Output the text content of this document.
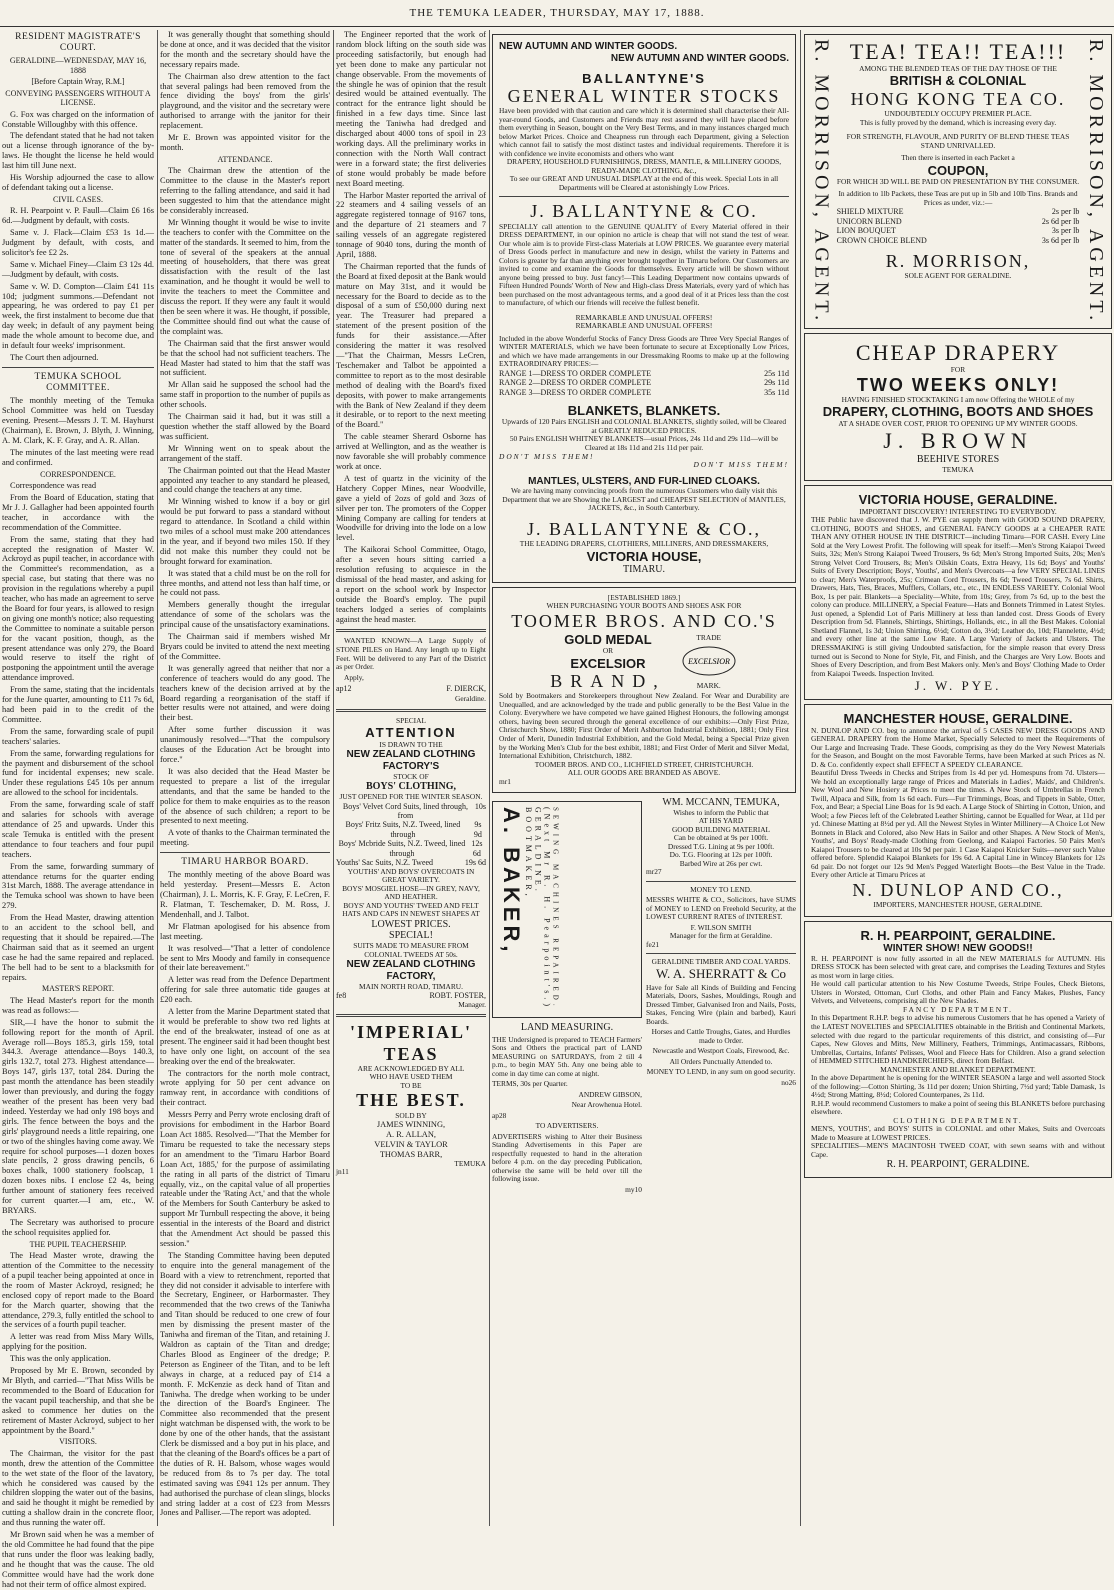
THE TEMUKA LEADER, THURSDAY, MAY 17, 1888.
RESIDENT MAGISTRATE'S COURT.
GERALDINE—WEDNESDAY, MAY 16, 1888
[Before Captain Wray, R.M.]
CONVEYING PASSENGERS WITHOUT A LICENSE.

G. Fox was charged on the information of Constable Willoughby with this offence.

The defendant stated that he had not taken out a license through ignorance of the by-laws. He thought the license he held would last him till June next.

His Worship adjourned the case to allow of defendant taking out a license.

CIVIL CASES.

R. H. Pearpoint v. P. Faull—Claim £6 16s 6d.—Judgment by default, with costs.

Same v. J. Flack—Claim £53 1s 1d.—Judgment by default, with costs, and solicitor's fee £2 2s.

Same v. Michael Finey—Claim £3 12s 4d.—Judgment by default, with costs.

Same v. W. D. Compton—Claim £41 11s 10d; judgment summons.—Defendant not appearing, he was ordered to pay £1 per week, the first instalment to become due that day week; in default of any payment being made the whole amount to become due, and in default four weeks' imprisonment.

The Court then adjourned.

TEMUKA SCHOOL COMMITTEE.

The monthly meeting of the Temuka School Committee was held on Tuesday evening. Present—Messrs J. T. M. Hayhurst (Chairman), E. Brown, J. Blyth, J. Winning, A. M. Clark, K. F. Gray, and A. R. Allan.

The minutes of the last meeting were read and confirmed.

CORRESPONDENCE.

Correspondence was read

From the Board of Education, stating that Mr J. J. Gallagher had been appointed fourth teacher, in accordance with the recommendation of the Committee.

From the same, stating that they had accepted the resignation of Master W. Ackroyd as pupil teacher, in accordance with the Committee's recommendation, as a special case, but stating that there was no provision in the regulations whereby a pupil teacher, who has made an agreement to serve the Board for four years, is allowed to resign on giving one month's notice; also requesting the Committee to nominate a suitable person for the vacant position, though, as the present attendance was only 279, the Board would reserve to itself the right of postponing the appointment until the average attendance improved.

From the same, stating that the incidentals for the June quarter, amounting to £11 7s 6d, had been paid in to the credit of the Committee.

From the same, forwarding scale of pupil teachers' salaries.

From the same, forwarding regulations for the payment and disbursement of the school fund for incidental expenses; new scale. Under these regulations £45 10s per annum are allowed to the school for incidentals.

From the same, forwarding scale of staff and salaries for schools with average attendance of 25 and upwards. Under this scale Temuka is entitled with the present attendance to four teachers and four pupil teachers.

From the same, forwarding summary of attendance returns for the quarter ending 31st March, 1888. The average attendance in the Temuka school was shown to have been 279.

From the Head Master, drawing attention to an accident to the school bell, and requesting that it should be repaired.—The Chairman said that as it seemed an urgent case he had the same repaired and replaced. The bell had to be sent to a blacksmith for repairs.

MASTER'S REPORT.

The Head Master's report for the month was read as follows:—

SIR,—I have the honor to submit the following report for the month of April. Average roll—Boys 185.3, girls 159, total 344.3. Average attendance—Boys 140.3, girls 132.7, total 273. Highest attendance—Boys 147, girls 137, total 284. During the past month the attendance has been steadily lower than previously, and during the foggy weather of the present has been very bad indeed. Yesterday we had only 198 boys and girls. The fence between the boys and the girls' playground needs a little repairing, one or two of the shingles having come away. We require for school purposes—1 dozen boxes slate pencils, 2 gross drawing pencils, 6 boxes chalk, 1000 stationery foolscap, 1 dozen boxes nibs. I enclose £2 4s, being further amount of stationery fees received for current quarter.—I am, etc., W. BRYARS.

The Secretary was authorised to procure the school requisites applied for.

THE PUPIL TEACHERSHIP.

The Head Master wrote, drawing the attention of the Committee to the necessity of a pupil teacher being appointed at once in the room of Master Ackroyd, resigned; he enclosed copy of report made to the Board for the March quarter, showing that the attendance, 279.3, fully entitled the school to the services of a fourth pupil teacher.

A letter was read from Miss Mary Wills, applying for the position.

This was the only application.

Proposed by Mr E. Brown, seconded by Mr Blyth, and carried—"That Miss Wills be recommended to the Board of Education for the vacant pupil teachership, and that she be asked to commence her duties on the retirement of Master Ackroyd, subject to her appointment by the Board."

VISITORS.

The Chairman, the visitor for the past month, drew the attention of the Committee to the wet state of the floor of the lavatory, which he considered was caused by the children slopping the water out of the basins, and said he thought it might be remedied by cutting a shallow drain in the concrete floor, and thus running the water off.

Mr Brown said when he was a member of the old Committee he had found that the pipe that runs under the floor was leaking badly, and he thought that was the cause. The old Committee would have had the work done had not their term of office almost expired.

It was generally thought that something should be done at once, and it was decided that the visitor for the month and the secretary should have the necessary repairs made.

The Chairman also drew attention to the fact that several palings had been removed from the fence dividing the boys' from the girls' playground, and the visitor and the secretary were authorised to arrange with the janitor for their replacement.

Mr E. Brown was appointed visitor for the month.

ATTENDANCE.

The Chairman drew the attention of the Committee to the clause in the Master's report referring to the falling attendance, and said it had been suggested to him that the attendance might be considerably increased.

Mr Winning thought it would be wise to invite the teachers to confer with the Committee on the matter of the standards. It seemed to him, from the tone of several of the speakers at the annual meeting of householders, that there was great dissatisfaction with the result of the last examination, and he thought it would be well to invite the teachers to meet the Committee and discuss the report. If they were any fault it would then be seen where it was. He thought, if possible, the Committee should find out what the cause of the complaint was.

The Chairman said that the first answer would be that the school had not sufficient teachers. The Head Master had stated to him that the staff was not sufficient.

Mr Allan said he supposed the school had the same staff in proportion to the number of pupils as other schools.

The Chairman said it had, but it was still a question whether the staff allowed by the Board was sufficient.

Mr Winning went on to speak about the arrangement of the staff.

The Chairman pointed out that the Head Master appointed any teacher to any standard he pleased, and could change the teachers at any time.

Mr Winning wished to know if a boy or girl would be put forward to pass a standard without regard to attendance. In Scotland a child within two miles of a school must make 200 attendances in the year, and if beyond two miles 150. If they did not make this number they could not be brought forward for examination.

It was stated that a child must be on the roll for three months, and attend not less than half time, or he could not pass.

Members generally thought the irregular attendance of some of the scholars was the principal cause of the unsatisfactory examinations.

The Chairman said if members wished Mr Bryars could be invited to attend the next meeting of the Committee.

It was generally agreed that neither that nor a conference of teachers would do any good. The teachers knew of the decision arrived at by the Board regarding a reorganisation of the staff if better results were not attained, and were doing their best.

After some further discussion it was unanimously resolved—"That the compulsory clauses of the Education Act be brought into force."

It was also decided that the Head Master be requested to prepare a list of the irregular attendants, and that the same be handed to the police for them to make enquiries as to the reason of the absence of such children; a report to be presented to next meeting.

A vote of thanks to the Chairman terminated the meeting.

TIMARU HARBOR BOARD.

The monthly meeting of the above Board was held yesterday. Present—Messrs E. Acton (Chairman), J. L. Morris, K. F. Gray, F. LeCren, F. R. Flatman, T. Teschemaker, D. M. Ross, J. Mendenhall, and J. Talbot.

Mr Flatman apologised for his absence from last meeting.

It was resolved—"That a letter of condolence be sent to Mrs Moody and family in consequence of their late bereavement."

A letter was read from the Defence Department offering for sale three automatic tide gauges at £20 each.

A letter from the Marine Department stated that it would be preferable to show two red lights at the end of the breakwater, instead of one as at present. The engineer said it had been thought best to have only one light, on account of the sea breaking over the end of the breakwater.

The contractors for the north mole contract, wrote applying for 50 per cent advance on ramway rent, in accordance with conditions of their contract.

Messrs Perry and Perry wrote enclosing draft of provisions for embodiment in the Harbor Board Loan Act 1885. Resolved—"That the Member for Timaru be requested to take the necessary steps for an amendment to the 'Timaru Harbor Board Loan Act, 1885,' for the purpose of assimilating the rating in all parts of the district of Timaru equally, viz., on the capital value of all properties rateable under the 'Rating Act,' and that the whole of the Members for South Canterbury be asked to support Mr Turnbull respecting the above, it being essential in the interests of the Board and district that the Amendment Act should be passed this session."

The Standing Committee having been deputed to enquire into the general management of the Board with a view to retrenchment, reported that they did not consider it advisable to interfere with the Secretary, Engineer, or Harbormaster. They recommended that the two crews of the Taniwha and Titan should be reduced to one crew of four men by dismissing the present master of the Taniwha and fireman of the Titan, and retaining J. Waldron as captain of the Titan and dredge; Charles Blood as Engineer of the dredge; P. Peterson as Engineer of the Titan, and to be left always in charge, at a reduced pay of £14 a month. F. McKenzie as deck hand of Titan and Taniwha. The dredge when working to be under the direction of the Board's Engineer. The Committee also recommended that the present night watchman be dispensed with, the work to be done by one of the other hands, that the assistant Clerk be dismissed and a boy put in his place, and that the cleaning of the Board's offices be a part of the duties of R. H. Balsom, whose wages would be reduced from 8s to 7s per day. The total estimated saving was £941 12s per annum. They had authorised the purchase of clean slings, blocks and string ladder at a cost of £23 from Messrs Jones and Palliser.—The report was adopted.

The Engineer reported that the work of random block lifting on the south side was proceeding satisfactorily, but enough had yet been done to make any particular not change observable. From the movements of the shingle he was of opinion that the result desired would be attained eventually. The contract for the entrance light should be finished in a few days time. Since last meeting the Taniwha had dredged and discharged about 4000 tons of spoil in 23 working days. All the preliminary works in connection with the North Wall contract were in a forward state; the first deliveries of stone would probably be made before next Board meeting.

The Harbor Master reported the arrival of 22 steamers and 4 sailing vessels of an aggregate registered tonnage of 9167 tons, and the departure of 21 steamers and 7 sailing vessels of an aggregate registered tonnage of 9040 tons, during the month of April, 1888.

The Chairman reported that the funds of the Board at fixed deposit at the Bank would mature on May 31st, and it would be necessary for the Board to decide as to the disposal of a sum of £50,000 during next year. The Treasurer had prepared a statement of the present position of the funds for their assistance.—After considering the matter it was resolved—"That the Chairman, Messrs LeCren, Teschemaker and Talbot be appointed a committee to report as to the most desirable method of dealing with the Board's fixed deposits, with power to make arrangements with the Bank of New Zealand if they deem it desirable, or to report to the next meeting of the Board."

The cable steamer Sherard Osborne has arrived at Wellington, and as the weather is now favorable she will probably commence work at once.

A test of quartz in the vicinity of the Hatchery Copper Mines, near Woodville, gave a yield of 2ozs of gold and 3ozs of silver per ton. The promoters of the Copper Mining Company are calling for tenders at Woodville for driving into the lode on a low level.

The Kaikorai School Committee, Otago, after a seven hours sitting carried a resolution refusing to acquiesce in the dismissal of the head master, and asking for a report on the school work by Inspector outside the Board's employ. The pupil teachers lodged a series of complaints against the head master.

WANTED KNOWN—A Large Supply of STONE PILES on Hand. Any length up to Eight Feet. Will be delivered to any Part of the District as per Order.

Apply,

ap12	F. DIERCK,

Geraldine.

SPECIAL
ATTENTION
IS DRAWN TO THE
NEW ZEALAND CLOTHING FACTORY'S
STOCK OF
BOYS' CLOTHING,
JUST OPENED FOR THE WINTER SEASON.
Boys' Velvet Cord Suits, lined through, from
10s
Boys' Fritz Suits, N.Z. Tweed, lined through
9s 9d
Boys' Mcbride Suits, N.Z. Tweed, lined through
12s 6d
Youths' Sac Suits, N.Z. Tweed	19s 6d
YOUTHS' AND BOYS' OVERCOATS IN GREAT VARIETY.
BOYS' MOSGIEL HOSE—IN GREY, NAVY, AND HEATHER.
BOYS' AND YOUTHS' TWEED AND FELT HATS AND CAPS IN NEWEST SHAPES AT
LOWEST PRICES.
SPECIAL!
SUITS MADE TO MEASURE FROM COLONIAL TWEEDS AT 50s.
NEW ZEALAND CLOTHING FACTORY,
MAIN NORTH ROAD, TIMARU.
fe8	ROBT. FOSTER,
Manager.
'IMPERIAL'
TEAS
ARE ACKNOWLEDGED BY ALL
WHO HAVE USED THEM
TO BE
THE BEST.
SOLD BY
JAMES WINNING,
A. R. ALLAN,
VELVIN & TAYLOR
THOMAS BARR,
TEMUKA
jn11
NEW AUTUMN AND WINTER GOODS.
NEW AUTUMN AND WINTER GOODS.
BALLANTYNE'S
GENERAL WINTER STOCKS
Have been provided with that caution and care which it is determined shall characterise their All-year-round Goods, and Customers and Friends may rest assured they will have placed before them everything in Season, bought on the Very Best Terms, and in many instances charged much below Market Prices. Choice and Cheapness run through each Department, giving a Selection which cannot fail to satisfy the most distinct tastes and individual requirements. Therefore it is with confidence we invite economists and others who want
DRAPERY, HOUSEHOLD FURNISHINGS, DRESS, MANTLE, & MILLINERY GOODS, READY-MADE CLOTHING, &c.,
To see our GREAT AND UNUSUAL DISPLAY at the end of this week. Special Lots in all Departments will be Cleared at astonishingly Low Prices.
J. BALLANTYNE & CO.
SPECIALLY call attention to the GENUINE QUALITY of Every Material offered in their DRESS DEPARTMENT, in our opinion no article is cheap that will not stand the test of wear. Our whole aim is to provide First-class Materials at LOW PRICES. We guarantee every material of Dress Goods perfect in manufacture and new in design, whilst the variety in Patterns and Colors is greater by far than anything ever brought together in Timaru before. Our Customers are invited to come and examine the Goods for themselves. Every article will be shown without anyone being pressed to buy. Just fancy!—This Leading Department now contains upwards of Fifteen Hundred Pounds' Worth of New and High-class Dress Materials, every yard of which has been purchased on the most advantageous terms, and a good deal of it at Prices less than the cost to manufacture, of which our friends will receive the fullest benefit.
REMARKABLE AND UNUSUAL OFFERS!
REMARKABLE AND UNUSUAL OFFERS!
Included in the above Wonderful Stocks of Fancy Dress Goods are Three Very Special Ranges of WINTER MATERIALS, which we have been fortunate to secure at Exceptionally Low Prices, and which we have made arrangements in our Dressmaking Rooms to make up at the following EXTRAORDINARY PRICES:—
RANGE 1—DRESS TO ORDER COMPLETE	25s 11d
RANGE 2—DRESS TO ORDER COMPLETE	29s 11d
RANGE 3—DRESS TO ORDER COMPLETE	35s 11d
BLANKETS, BLANKETS.
Upwards of 120 Pairs ENGLISH and COLONIAL BLANKETS, slightly soiled, will be Cleared at GREATLY REDUCED PRICES.
50 Pairs ENGLISH WHITNEY BLANKETS—usual Prices, 24s 11d and 29s 11d—will be Cleared at 18s 11d and 21s 11d per pair.
DON'T MISS THEM!
DON'T MISS THEM!
MANTLES, ULSTERS, AND FUR-LINED CLOAKS.
We are having many convincing proofs from the numerous Customers who daily visit this Department that we are Showing the LARGEST and CHEAPEST SELECTION of MANTLES, JACKETS, &c., in South Canterbury.
J. BALLANTYNE & CO.,
THE LEADING DRAPERS, CLOTHIERS, MILLINERS, AND DRESSMAKERS,
VICTORIA HOUSE,
TIMARU.
[ESTABLISHED 1869.]
WHEN PURCHASING YOUR BOOTS AND SHOES ASK FOR
TOOMER BROS. AND CO.'S
GOLD MEDAL
OR
EXCELSIOR
BRAND,
TRADE
EXCELSIOR
MARK.
Sold by Bootmakers and Storekeepers throughout New Zealand. For Wear and Durability are Unequalled, and are acknowledged by the trade and public generally to be the Best Value in the Colony. Everywhere we have competed we have gained Highest Honours, the following amongst others, having been secured through the general excellence of our exhibits:—Only First Prize, Christchurch Show, 1880; First Order of Merit Ashburton Industrial Exhibition, 1881; Only First Order of Merit, Dunedin Industrial Exhibition, and the Gold Medal, being a Special Prize given by the Working Men's Club for the best exhibit, 1881; and First Order of Merit and Silver Medal, International Exhibition, Christchurch, 1882.
TOOMER BROS. AND CO., LICHFIELD STREET, CHRISTCHURCH.
ALL OUR GOODS ARE BRANDED AS ABOVE.
mr1
A. BAKER, BOOTMAKER, GERALDINE. (Next Mr R. H. Pearpoint's.) SEWING MACHINES REPAIRED.
LAND MEASURING.

THE Undersigned is prepared to TEACH Farmers' Sons and Others the practical part of LAND MEASURING on SATURDAYS, from 2 till 4 p.m., to begin MAY 5th. Any one being able to come in day time can come at night.

TERMS, 30s per Quarter.

ANDREW GIBSON,

Near Arowhenua Hotel.

ap28

TO ADVERTISERS.

ADVERTISERS wishing to Alter their Business Standing Advertisements in this Paper are respectfully requested to hand in the alteration before 4 p.m. on the day preceding Publication, otherwise the same will be held over till the following issue.

my10

WM. MCCANN, TEMUKA,
Wishes to inform the Public that
AT HIS YARD
GOOD BUILDING MATERIAL
Can be obtained at 9s per 100ft.
Dressed T.G. Lining at 9s per 100ft.
Do. T.G. Flooring at 12s per 100ft.
Barbed Wire at 26s per cwt.
mr27
MONEY TO LEND.

MESSRS WHITE & CO., Solicitors, have SUMS of MONEY to LEND on Freehold Security, at the LOWEST CURRENT RATES of INTEREST.

F. WILSON SMITH
Manager for the firm at Geraldine.
fe21
GERALDINE TIMBER AND COAL YARDS.
W. A. SHERRATT & Co

Have for Sale all Kinds of Building and Fencing Materials, Doors, Sashes, Mouldings, Rough and Dressed Timber, Galvanised Iron and Nails, Posts, Stakes, Fencing Wire (plain and barbed), Kauri Boards.

Horses and Cattle Troughs, Gates, and Hurdles made to Order.

Newcastle and Westport Coals, Firewood, &c.

All Orders Punctually Attended to.

MONEY TO LEND, in any sum on good security.

no26
R. MORRISON, AGENT. TEA! TEA!! TEA!!!
AMONG THE BLENDED TEAS OF THE DAY THOSE OF THE
BRITISH & COLONIAL
HONG KONG TEA CO.
UNDOUBTEDLY OCCUPY PREMIER PLACE.
This is fully proved by the demand, which is increasing every day.
FOR STRENGTH, FLAVOUR, AND PURITY OF BLEND THESE TEAS STAND UNRIVALLED.
Then there is inserted in each Packet a
COUPON,
FOR WHICH 3D WILL BE PAID ON PRESENTATION BY THE CONSUMER.
In addition to 1lb Packets, these Teas are put up in 5lb and 10lb Tins. Brands and Prices as under, viz.:—
SHIELD MIXTURE	2s per lb
UNICORN BLEND	2s 6d per lb
LION BOUQUET	3s per lb
CROWN CHOICE BLEND	3s 6d per lb
R. MORRISON,
SOLE AGENT FOR GERALDINE.	R. MORRISON, AGENT.
CHEAP DRAPERY
FOR
TWO WEEKS ONLY!
HAVING FINISHED STOCKTAKING I am now Offering the WHOLE of my
DRAPERY, CLOTHING, BOOTS AND SHOES
AT A SHADE OVER COST, PRIOR TO OPENING UP MY WINTER GOODS.
J. BROWN
BEEHIVE STORES
TEMUKA
VICTORIA HOUSE, GERALDINE.
IMPORTANT DISCOVERY! INTERESTING TO EVERYBODY.
THE Public have discovered that J. W. PYE can supply them with GOOD SOUND DRAPERY, CLOTHING, BOOTS and SHOES, and GENERAL FANCY GOODS at a CHEAPER RATE THAN ANY OTHER HOUSE IN THE DISTRICT—including Timaru—FOR CASH. Every Line Sold at the Very Lowest Profit. The following will speak for itself:—Men's Strong Kaiapoi Tweed Suits, 32s; Men's Strong Kaiapoi Tweed Trousers, 9s 6d; Men's Strong Imported Suits, 20s; Men's Strong Velvet Cord Trousers, 8s; Men's Oilskin Coats, Extra Heavy, 11s 6d; Boys' and Youths' Suits of Every Description; Boys', Youths', and Men's Overcoats—a few VERY SPECIAL LINES to clear; Men's Waterproofs, 25s; Crimean Cord Trousers, 8s 6d; Tweed Trousers, 7s 6d. Shirts, Drawers, Hats, Ties, Braces, Mufflers, Collars, etc., etc., IN ENDLESS VARIETY. Colonial Wool Box, 1s per pair. Blankets—a Speciality—White, from 10s; Grey, from 7s 6d, up to the best the colony can produce. MILLINERY, a Special Feature—Hats and Bonnets Trimmed in Latest Styles. Just opened, a Splendid Lot of Paris Millinery at less than landed cost. Dress Goods of Every Description from 5d. Flannels, Shirtings, Shirtings, Hollands, etc., in all the Best Makes. Colonial Shetland Flannel, 1s 3d; Union Shirting, 6½d; Cotton do, 3½d; Leather do, 10d; Flannelette, 4½d; and every other line at the same Low Rate. A Large Variety of Jackets and Ulsters. The DRESSMAKING is still giving Undoubted satisfaction, for the simple reason that every Dress turned out is Second to None for Style, Fit, and Finish, and the Charges are Very Low. Boots and Shoes of Every Description, and from Best Makers only. Men's and Boys' Clothing Made to Order from Kaiapoi Tweeds. Inspection Invited.
J. W. PYE.
MANCHESTER HOUSE, GERALDINE.
N. DUNLOP AND CO. beg to announce the arrival of 5 CASES NEW DRESS GOODS AND GENERAL DRAPERY from the Home Market, Specially Selected to meet the Requirements of Our Large and Increasing Trade. These Goods, comprising as they do the Very Newest Materials for the Season, and Bought on the most Favorable Terms, have been Marked at such Prices as N. D. & Co. confidently expect shall EFFECT A SPEEDY CLEARANCE.
Beautiful Dress Tweeds in Checks and Stripes from 1s 4d per yd. Homespuns from 7d. Ulsters—We hold an exceptionally large range of Prices and Materials in Ladies', Maids', and Children's. New Wool and New Hosiery at Prices to meet the times. A New Stock of Umbrellas in French Twill, Alpaca and Silk, from 1s 6d each. Furs—Fur Trimmings, Boas, and Tippets in Sable, Otter, Fox, and Bear; a Special Line Boas for 1s 9d each. A Large Stock of Shirting in Cotton, Union, and Wool; a few Pieces left of the Celebrated Leather Shirting, cannot be Equalled for Wear, at 11d per yd. Chinese Matting at 8½d per yd. All the Newest Styles in Winter Millinery—A Choice Lot New Bonnets in Black and Colored, also New Hats in Sailor and other Shapes. A New Stock of Men's, Youths', and Boys' Ready-made Clothing from Geelong, and Kaiapoi Factories. 50 Pairs Men's Kaiapoi Trousers to be cleared at 10s 9d per pair. 1 Case Kaiapoi Knicker Suits—never such Value offered before. Splendid Kaiapoi Blankets for 19s 6d. A Capital Line in Wincey Blankets for 12s 6d pair. Do not forget our 12s 9d Men's Pegged Waterlight Boots—the Best Value in the Trade. Every other Article at Timaru Prices at
N. DUNLOP AND CO.,
IMPORTERS, MANCHESTER HOUSE, GERALDINE.
R. H. PEARPOINT, GERALDINE.
WINTER SHOW! NEW GOODS!!
R. H. PEARPOINT is now fully assorted in all the NEW MATERIALS for AUTUMN. His DRESS STOCK has been selected with great care, and comprises the Leading Textures and Styles as most worn in large cities.
He would call particular attention to his New Costume Tweeds, Stripe Foules, Check Bietons, Ulsters in Worsted, Ottoman, Curl Cloths, and other Plain and Fancy Makes, Plushes, Fancy Velvets, and Velveteens, comprising all the New Shades.
FANCY DEPARTMENT.
In this Department R.H.P. begs to advise his numerous Customers that he has opened a Variety of the LATEST NOVELTIES and SPECIALITIES obtainable in the British and Continental Markets, selected with due regard to the particular requirements of this district, and consisting of—Fur Capes, New Gloves and Mitts, New Millinery, Feathers, Trimmings, Antimacassars, Ribbons, Umbrellas, Curtains, Infants' Pelisses, Wool and Fleece Hats for Children. Also a grand selection of HEMMED STITCHED HANDKERCHIEFS, direct from Belfast.
MANCHESTER AND BLANKET DEPARTMENT.
In the above Department he is opening for the WINTER SEASON a large and well assorted Stock of the following:—Cotton Shirting, 3s 11d per dozen; Union Shirting, 7½d yard; Table Damask, 1s 4½d; Strong Matting, 8½d; Colored Counterpanes, 2s 11d.
R.H.P. would recommend Customers to make a point of seeing this BLANKETS before purchasing elsewhere.
CLOTHING DEPARTMENT.
MEN'S, YOUTHS', and BOYS' SUITS in COLONIAL and other Makes, Suits and Overcoats Made to Measure at LOWEST PRICES.
SPECIALITIES—MEN'S MACINTOSH TWEED COAT, with sewn seams with and without Cape.
R. H. PEARPOINT, GERALDINE.
